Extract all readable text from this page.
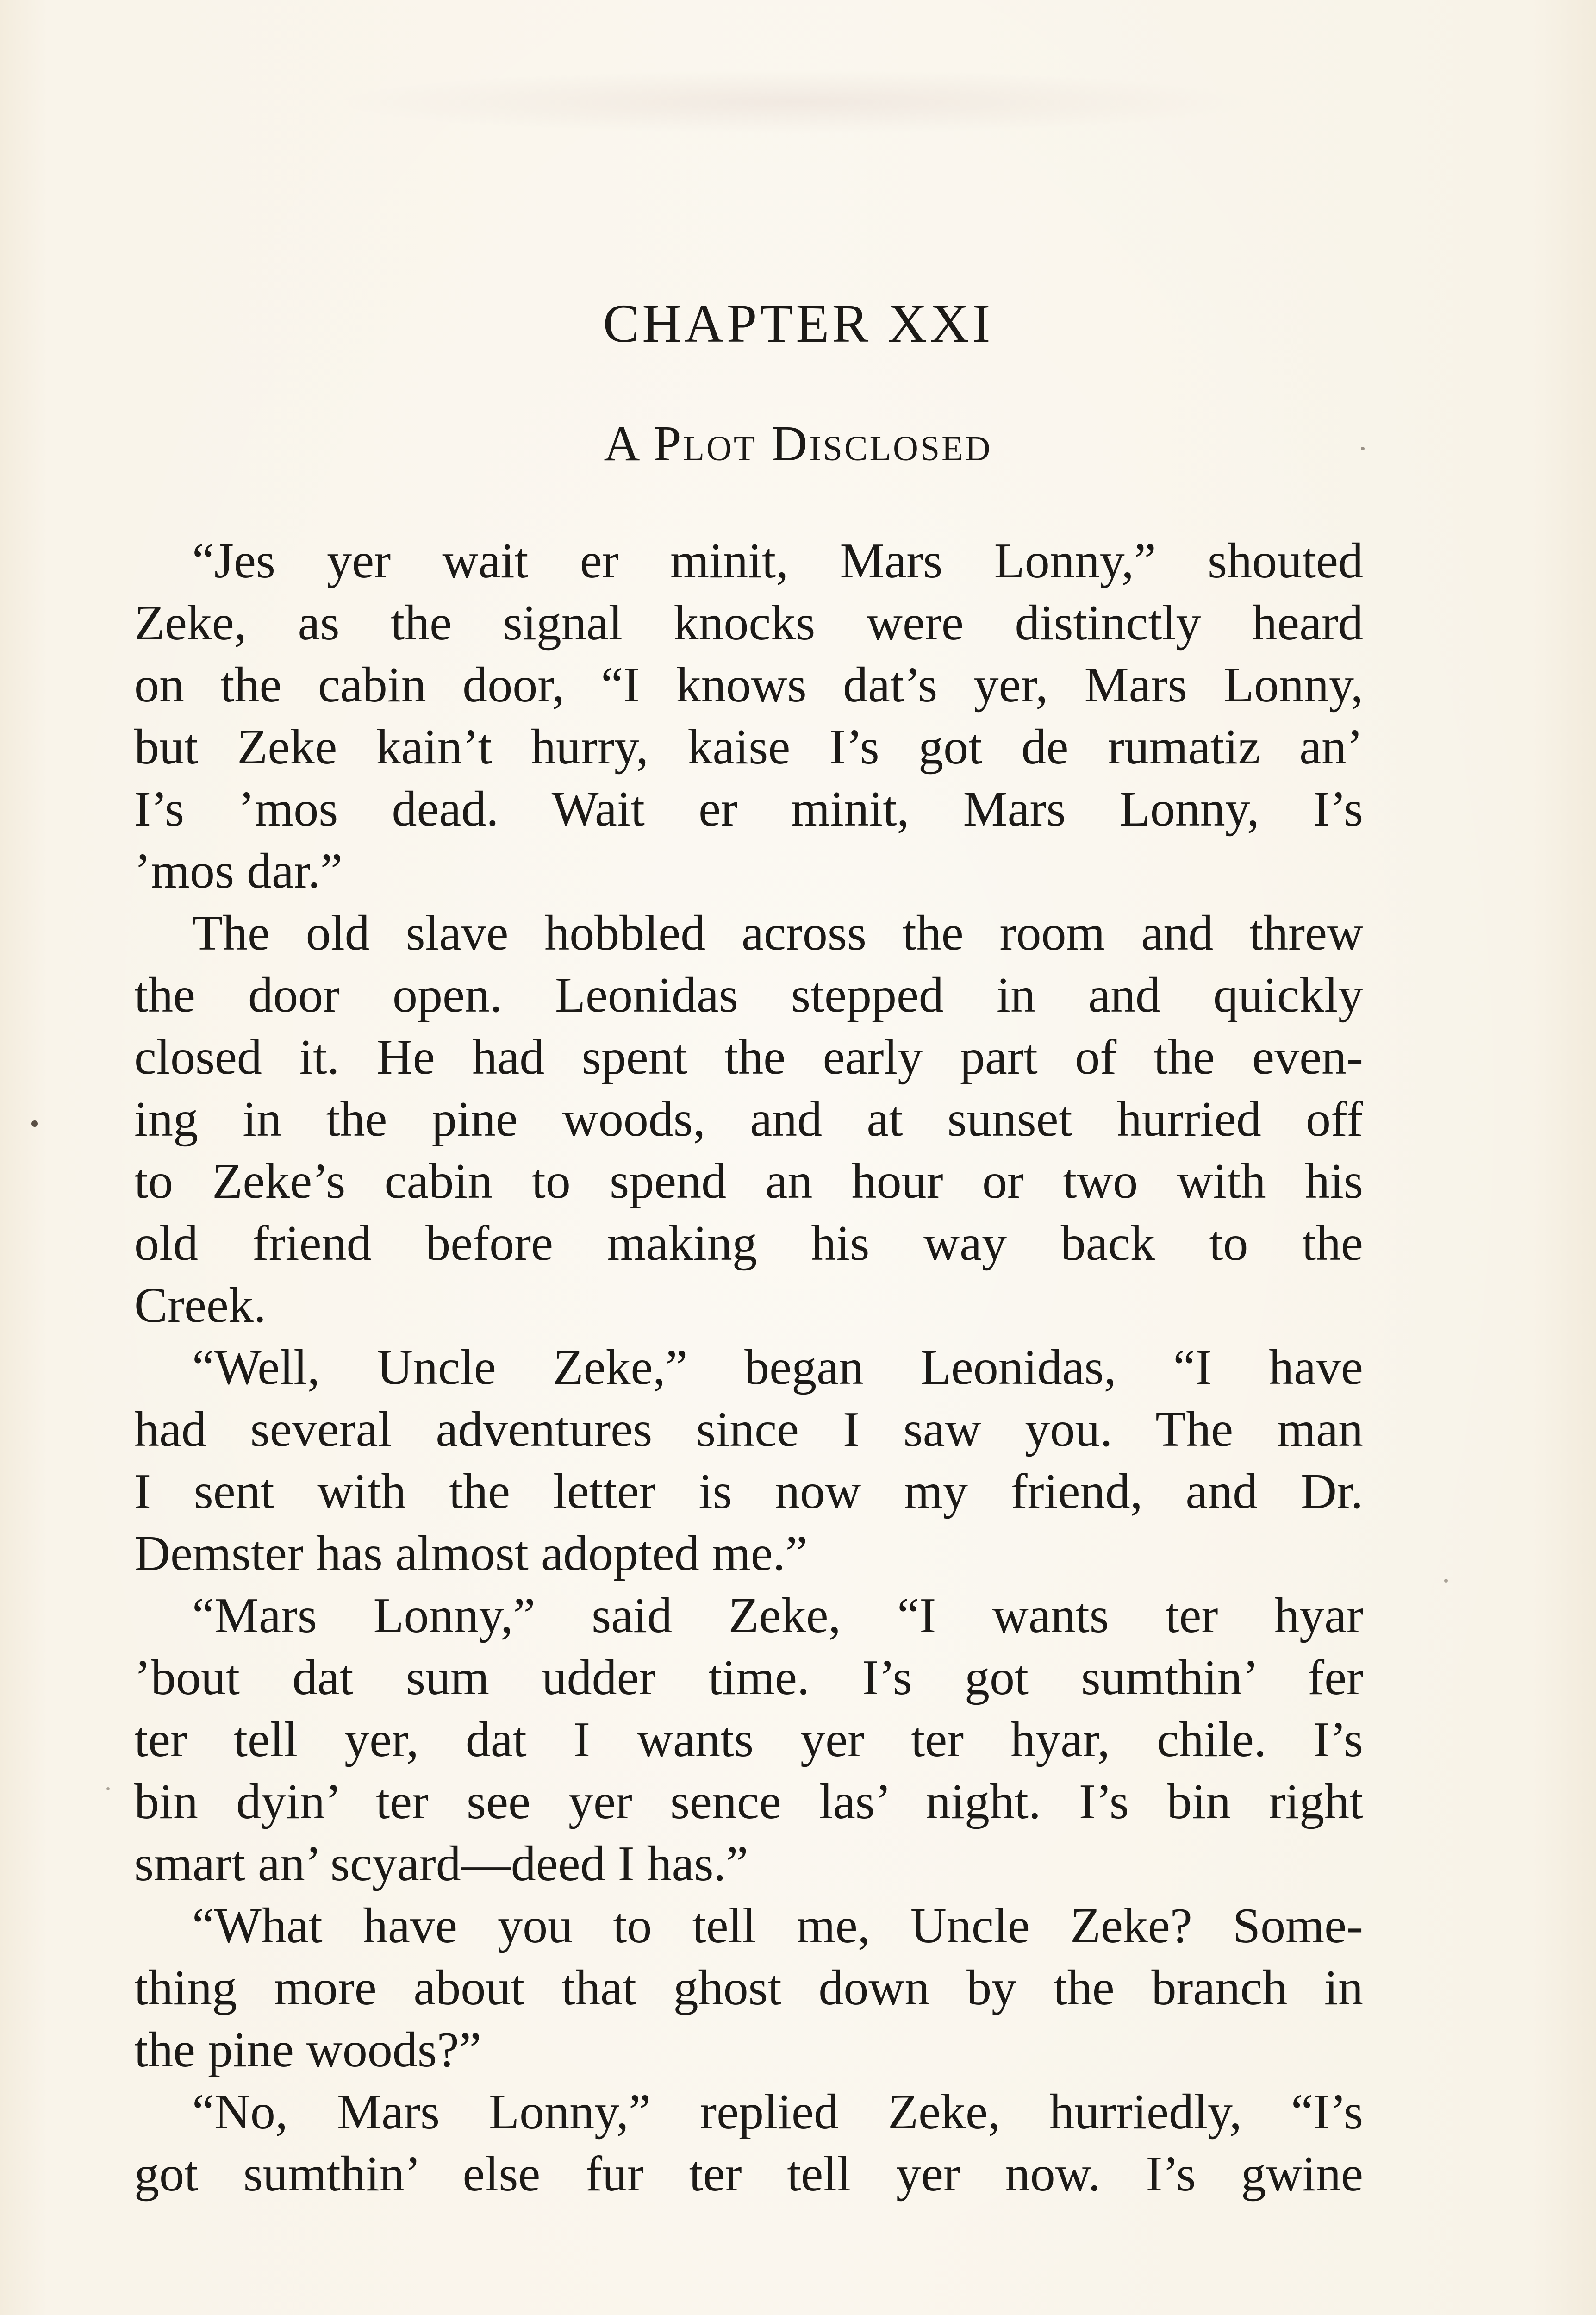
CHAPTER XXI
A Plot Disclosed
“Jes yer wait er minit, Mars Lonny,” shouted
Zeke, as the signal knocks were distinctly heard
on the cabin door, “I knows dat’s yer, Mars Lonny,
but Zeke kain’t hurry, kaise I’s got de rumatiz an’
I’s ’mos dead. Wait er minit, Mars Lonny, I’s
’mos dar.”
The old slave hobbled across the room and threw
the door open. Leonidas stepped in and quickly
closed it. He had spent the early part of the even-
ing in the pine woods, and at sunset hurried off
to Zeke’s cabin to spend an hour or two with his
old friend before making his way back to the
Creek.
“Well, Uncle Zeke,” began Leonidas, “I have
had several adventures since I saw you. The man
I sent with the letter is now my friend, and Dr.
Demster has almost adopted me.”
“Mars Lonny,” said Zeke, “I wants ter hyar
’bout dat sum udder time. I’s got sumthin’ fer
ter tell yer, dat I wants yer ter hyar, chile. I’s
bin dyin’ ter see yer sence las’ night. I’s bin right
smart an’ scyard—deed I has.”
“What have you to tell me, Uncle Zeke? Some-
thing more about that ghost down by the branch in
the pine woods?”
“No, Mars Lonny,” replied Zeke, hurriedly, “I’s
got sumthin’ else fur ter tell yer now. I’s gwine
